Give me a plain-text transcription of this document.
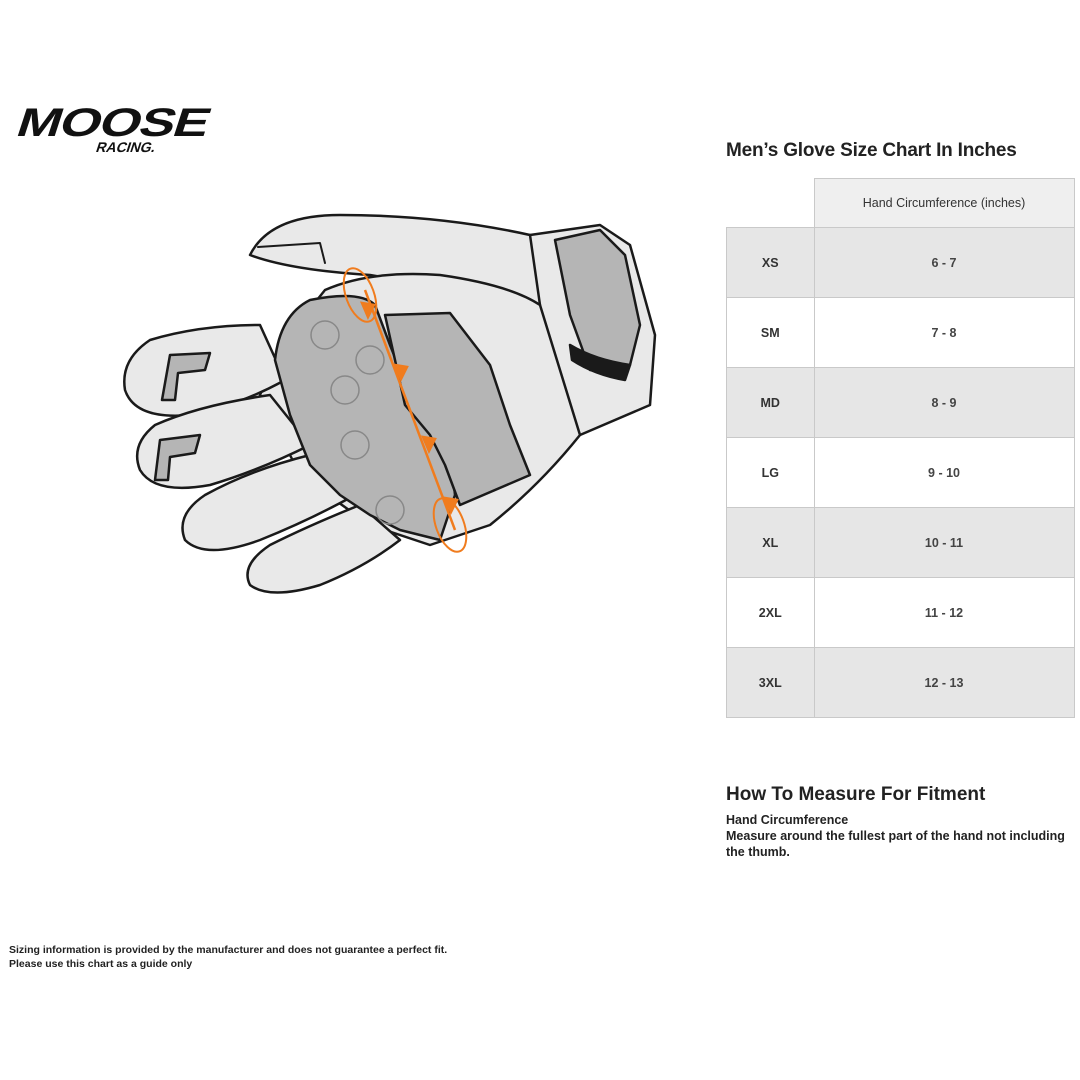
MOOSE
RACING.	Men’s Glove Size Chart In Inches
	Hand Circumference (inches)
XS	6 - 7
SM	7 - 8
MD	8 - 9
LG	9 - 10
XL	10 - 11
2XL	11 - 12
3XL	12 - 13
How To Measure For Fitment
Hand Circumference
Measure around the fullest part of the hand not including the thumb.
Sizing information is provided by the manufacturer and does not guarantee a perfect fit.
Please use this chart as a guide only
